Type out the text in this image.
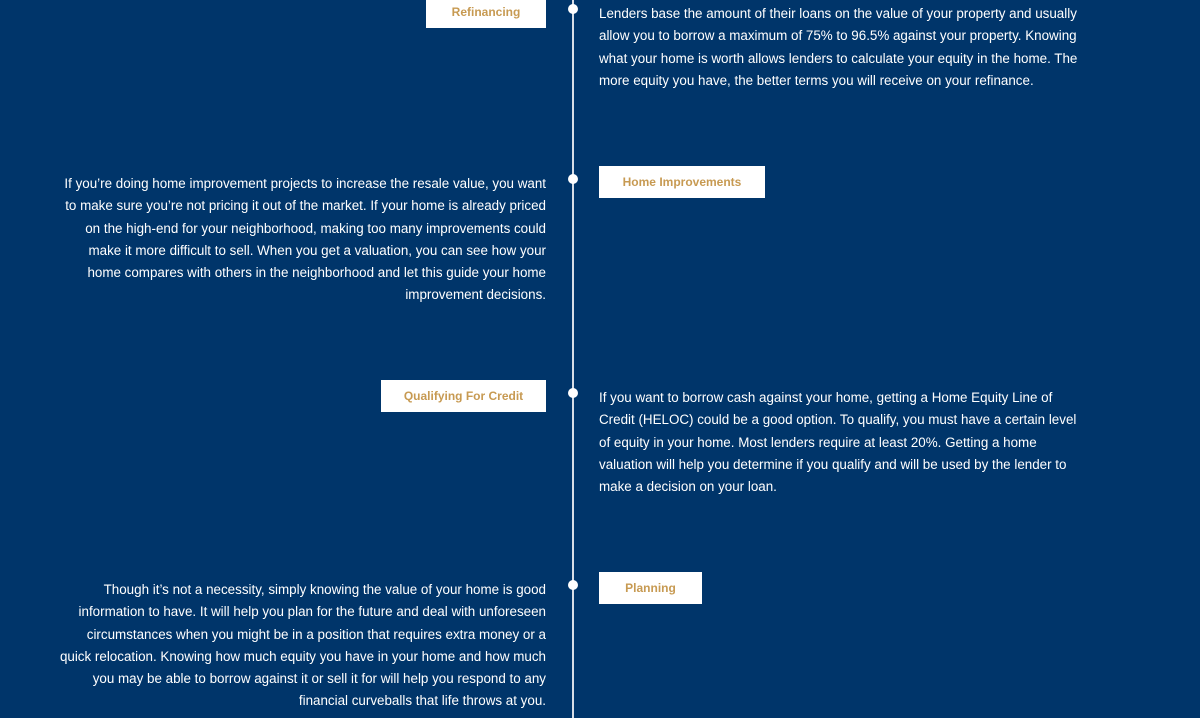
Refinancing	Lenders base the amount of their loans on the value of your property and usually allow you to borrow a maximum of 75% to 96.5% against your property. Knowing what your home is worth allows lenders to calculate your equity in the home. The more equity you have, the better terms you will receive on your refinance.

Home Improvements

If you’re doing home improvement projects to increase the resale value, you want to make sure you’re not pricing it out of the market. If your home is already priced on the high-end for your neighborhood, making too many improvements could make it more difficult to sell. When you get a valuation, you can see how your home compares with others in the neighborhood and let this guide your home improvement decisions.

Qualifying For Credit	If you want to borrow cash against your home, getting a Home Equity Line of Credit (HELOC) could be a good option. To qualify, you must have a certain level of equity in your home. Most lenders require at least 20%. Getting a home valuation will help you determine if you qualify and will be used by the lender to make a decision on your loan.

Planning

Though it’s not a necessity, simply knowing the value of your home is good information to have. It will help you plan for the future and deal with unforeseen circumstances when you might be in a position that requires extra money or a quick relocation. Knowing how much equity you have in your home and how much you may be able to borrow against it or sell it for will help you respond to any financial curveballs that life throws at you.
